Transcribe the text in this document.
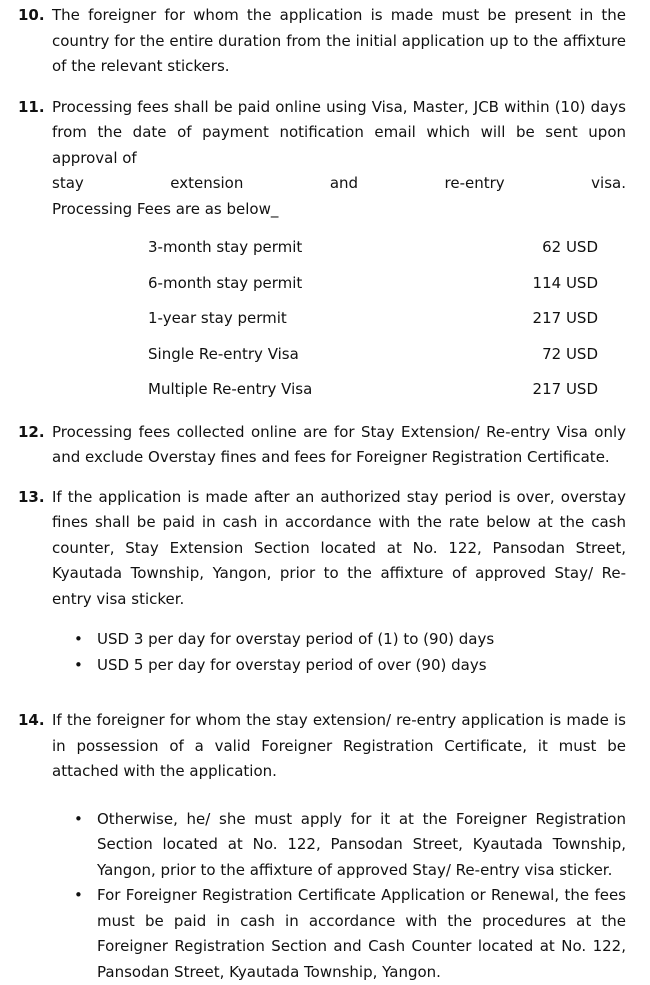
10. The foreigner for whom the application is made must be present in the country for the entire duration from the initial application up to the affixture of the relevant stickers.
11. Processing fees shall be paid online using Visa, Master, JCB within (10) days from the date of payment notification email which will be sent upon approval of
stay extension and re-entry visa.
Processing Fees are as below_
3-month stay permit	62 USD
6-month stay permit	114 USD
1-year stay permit	217 USD
Single Re-entry Visa	72 USD
Multiple Re-entry Visa	217 USD
12. Processing fees collected online are for Stay Extension/ Re-entry Visa only and exclude Overstay fines and fees for Foreigner Registration Certificate.
13. If the application is made after an authorized stay period is over, overstay fines shall be paid in cash in accordance with the rate below at the cash counter, Stay Extension Section located at No. 122, Pansodan Street, Kyautada Township, Yangon, prior to the affixture of approved Stay/ Re-entry visa sticker.
• USD 3 per day for overstay period of (1) to (90) days
• USD 5 per day for overstay period of over (90) days
14. If the foreigner for whom the stay extension/ re-entry application is made is in possession of a valid Foreigner Registration Certificate, it must be attached with the application.
• Otherwise, he/ she must apply for it at the Foreigner Registration Section located at No. 122, Pansodan Street, Kyautada Township, Yangon, prior to the affixture of approved Stay/ Re-entry visa sticker.
• For Foreigner Registration Certificate Application or Renewal, the fees must be paid in cash in accordance with the procedures at the Foreigner Registration Section and Cash Counter located at No. 122, Pansodan Street, Kyautada Township, Yangon.
